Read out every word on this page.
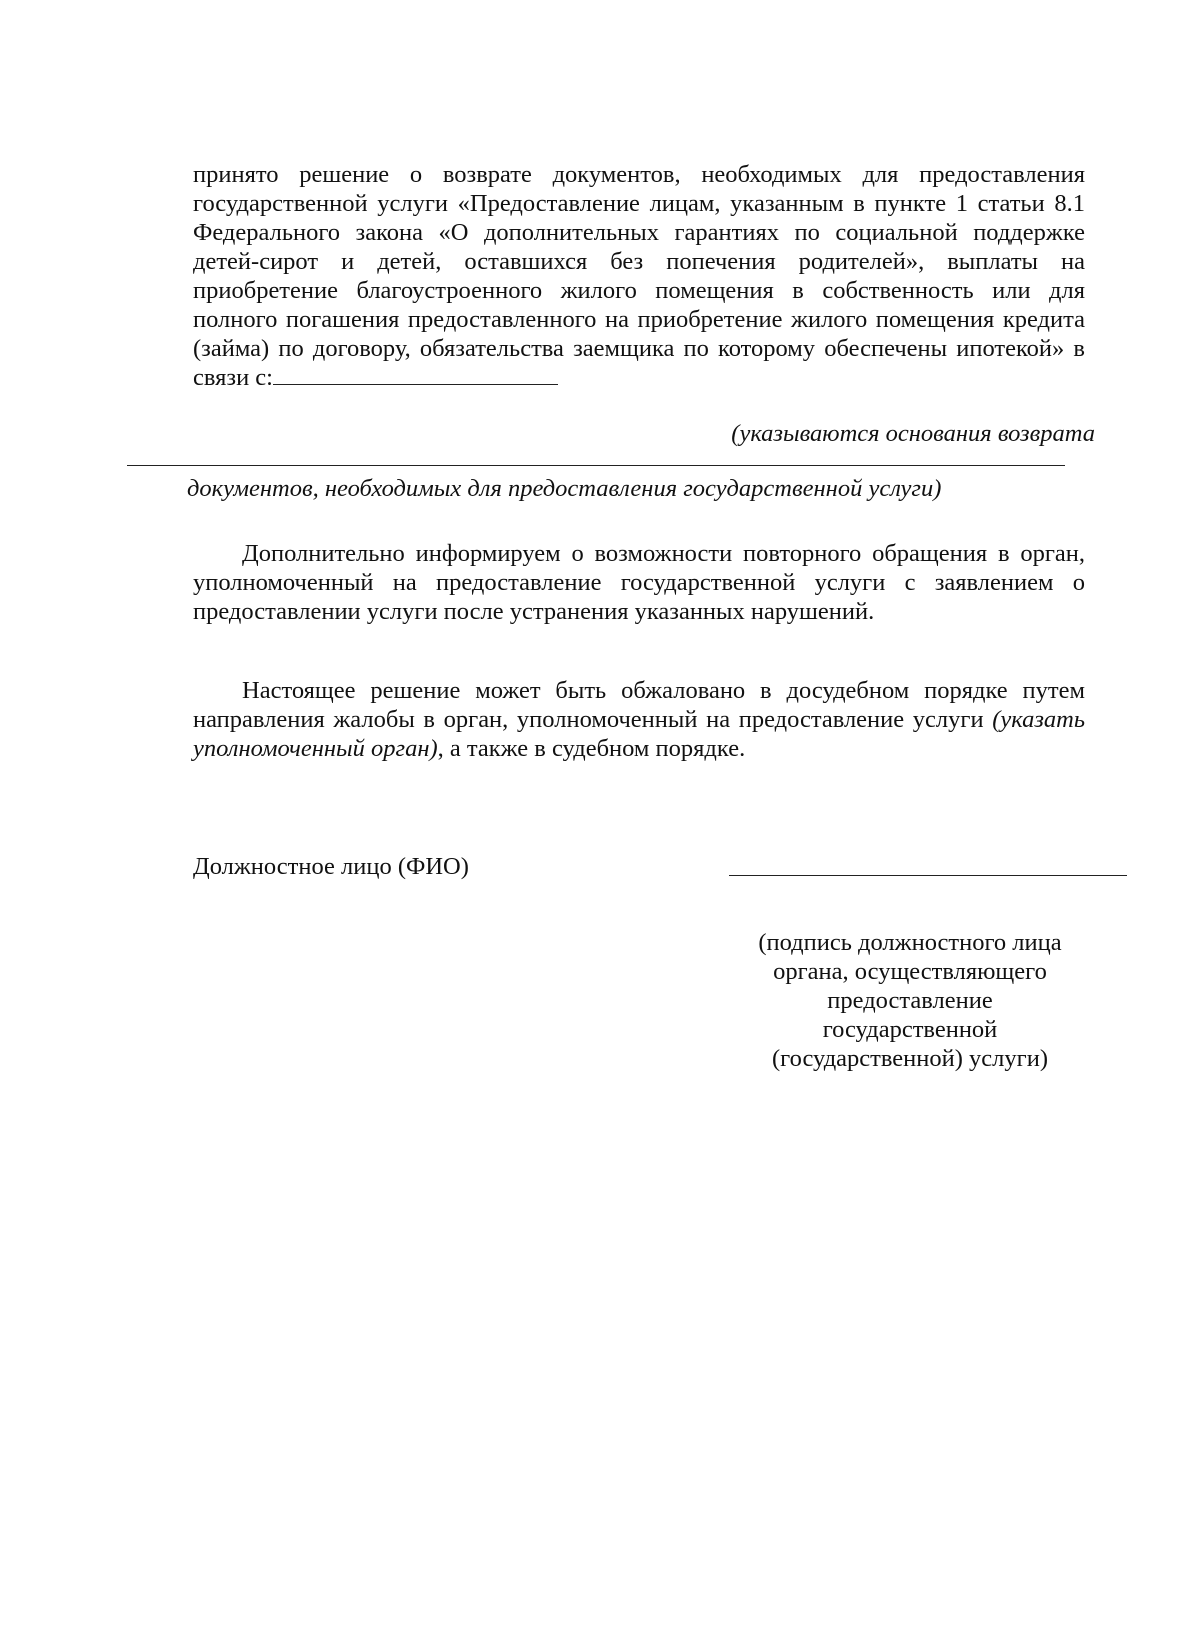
принято решение о возврате документов, необходимых для предоставления государственной услуги «Предоставление лицам, указанным в пункте 1 статьи 8.1 Федерального закона «О дополнительных гарантиях по социальной поддержке детей-сирот и детей, оставшихся без попечения родителей», выплаты на приобретение благоустроенного жилого помещения в собственность или для полного погашения предоставленного на приобретение жилого помещения кредита (займа) по договору, обязательства заемщика по которому обеспечены ипотекой» в связи с:
(указываются основания возврата
документов, необходимых для предоставления государственной услуги)
Дополнительно информируем о возможности повторного обращения в орган, уполномоченный на предоставление государственной услуги с заявлением о предоставлении услуги после устранения указанных нарушений.
Настоящее решение может быть обжаловано в досудебном порядке путем направления жалобы в орган, уполномоченный на предоставление услуги (указать уполномоченный орган), а также в судебном порядке.
Должностное лицо (ФИО)
(подпись должностного лица
органа, осуществляющего
предоставление
государственной
(государственной) услуги)
